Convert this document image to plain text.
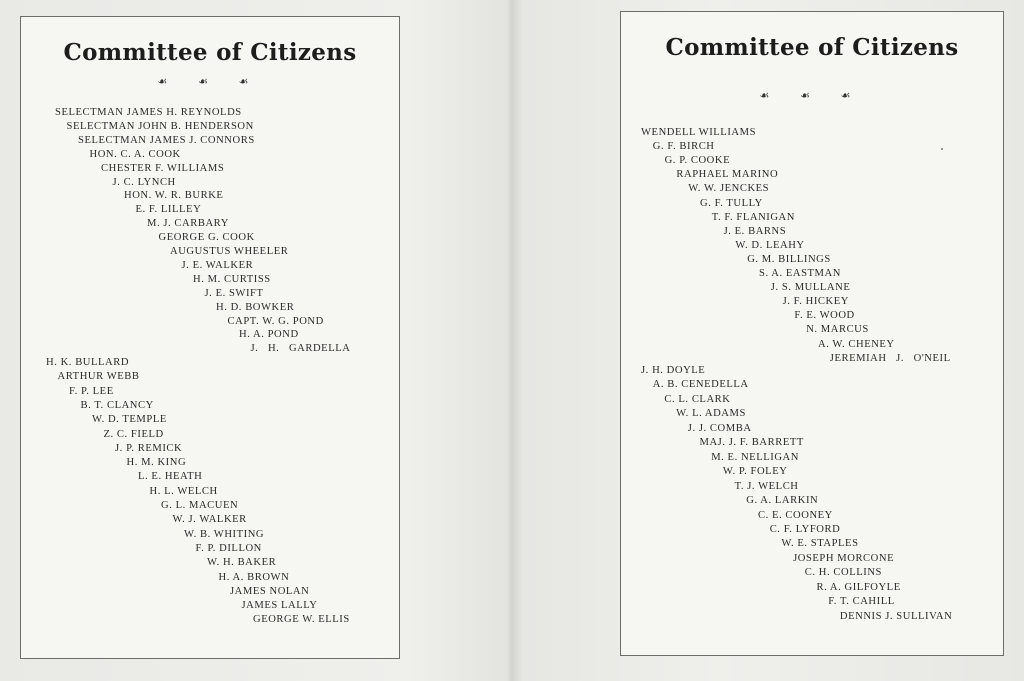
Committee of Citizens
☙ ☙ ☙
SELECTMAN JAMES H. REYNOLDS
SELECTMAN JOHN B. HENDERSON
SELECTMAN JAMES J. CONNORS
HON. C. A. COOK
CHESTER F. WILLIAMS
J. C. LYNCH
HON. W. R. BURKE
E. F. LILLEY
M. J. CARBARY
GEORGE G. COOK
AUGUSTUS WHEELER
J. E. WALKER
H. M. CURTISS
J. E. SWIFT
H. D. BOWKER
CAPT. W. G. POND
H. A. POND
J.   H.   GARDELLA
H. K. BULLARD
ARTHUR WEBB
F. P. LEE
B. T. CLANCY
W. D. TEMPLE
Z. C. FIELD
J. P. REMICK
H. M. KING
L. E. HEATH
H. L. WELCH
G. L. MACUEN
W. J. WALKER
W. B. WHITING
F. P. DILLON
W. H. BAKER
H. A. BROWN
JAMES NOLAN
JAMES LALLY
GEORGE W. ELLIS
Committee of Citizens
☙ ☙ ☙
WENDELL WILLIAMS
G. F. BIRCH
G. P. COOKE
RAPHAEL MARINO
W. W. JENCKES
G. F. TULLY
T. F. FLANIGAN
J. E. BARNS
W. D. LEAHY
G. M. BILLINGS
S. A. EASTMAN
J. S. MULLANE
J. F. HICKEY
F. E. WOOD
N. MARCUS
A. W. CHENEY
JEREMIAH   J.   O'NEIL
J. H. DOYLE
A. B. CENEDELLA
C. L. CLARK
W. L. ADAMS
J. J. COMBA
MAJ. J. F. BARRETT
M. E. NELLIGAN
W. P. FOLEY
T. J. WELCH
G. A. LARKIN
C. E. COONEY
C. F. LYFORD
W. E. STAPLES
JOSEPH MORCONE
C. H. COLLINS
R. A. GILFOYLE
F. T. CAHILL
DENNIS J. SULLIVAN
